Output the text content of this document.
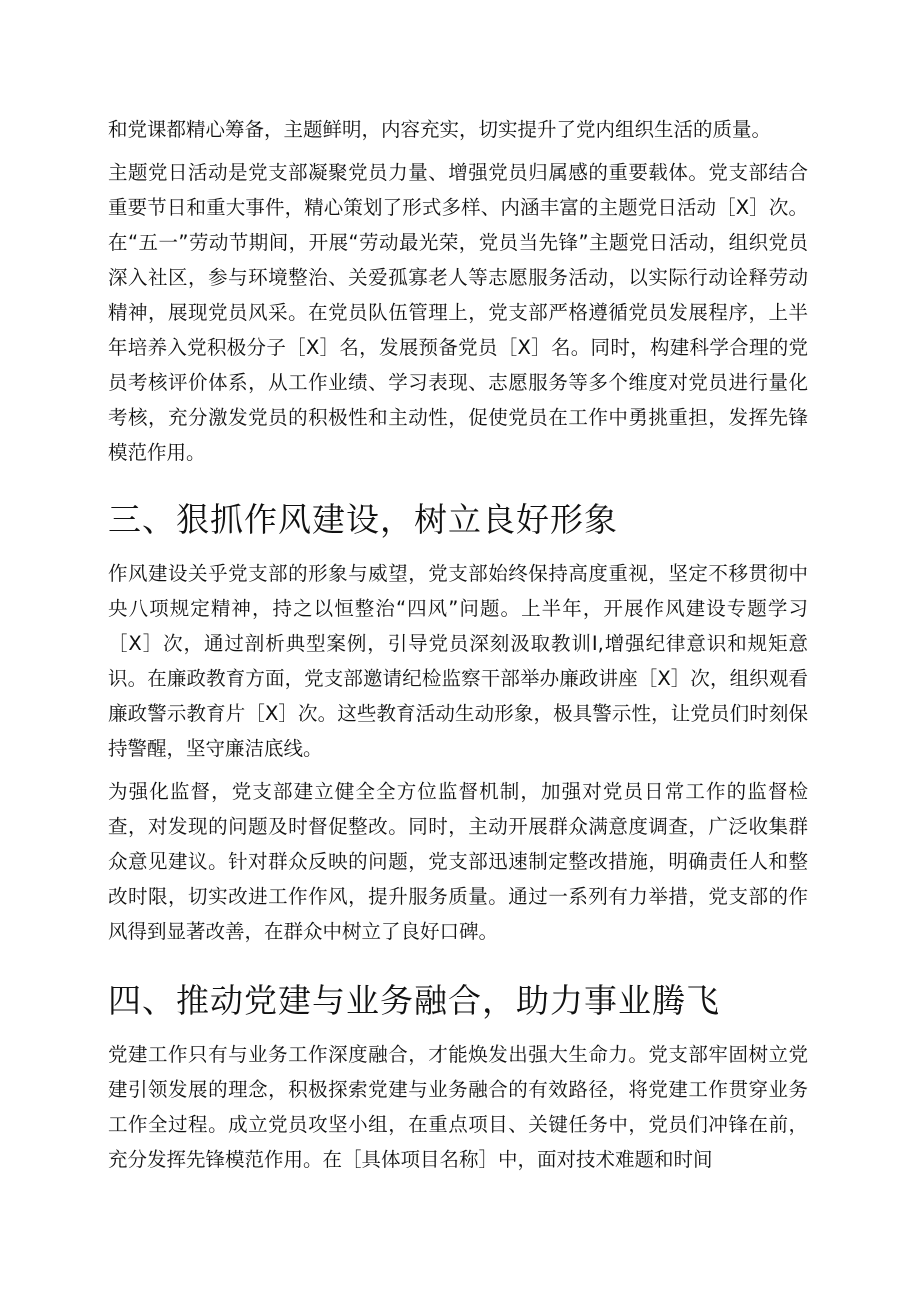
和党课都精心筹备，主题鲜明，内容充实，切实提升了党内组织生活的质量。

主题党日活动是党支部凝聚党员力量、增强党员归属感的重要载体。党支部结合重要节日和重大事件，精心策划了形式多样、内涵丰富的主题党日活动［X］次。在“五一”劳动节期间，开展“劳动最光荣，党员当先锋”主题党日活动，组织党员深入社区，参与环境整治、关爱孤寡老人等志愿服务活动，以实际行动诠释劳动精神，展现党员风采。在党员队伍管理上，党支部严格遵循党员发展程序，上半年培养入党积极分子［X］名，发展预备党员［X］名。同时，构建科学合理的党员考核评价体系，从工作业绩、学习表现、志愿服务等多个维度对党员进行量化考核，充分激发党员的积极性和主动性，促使党员在工作中勇挑重担，发挥先锋模范作用。

三、狠抓作风建设，树立良好形象

作风建设关乎党支部的形象与威望，党支部始终保持高度重视，坚定不移贯彻中央八项规定精神，持之以恒整治“四风”问题。上半年，开展作风建设专题学习［X］次，通过剖析典型案例，引导党员深刻汲取教训I,增强纪律意识和规矩意识。在廉政教育方面，党支部邀请纪检监察干部举办廉政讲座［X］次，组织观看廉政警示教育片［X］次。这些教育活动生动形象，极具警示性，让党员们时刻保持警醒，坚守廉洁底线。

为强化监督，党支部建立健全全方位监督机制，加强对党员日常工作的监督检查，对发现的问题及时督促整改。同时，主动开展群众满意度调查，广泛收集群众意见建议。针对群众反映的问题，党支部迅速制定整改措施，明确责任人和整改时限，切实改进工作作风，提升服务质量。通过一系列有力举措，党支部的作风得到显著改善，在群众中树立了良好口碑。

四、推动党建与业务融合，助力事业腾飞

党建工作只有与业务工作深度融合，才能焕发出强大生命力。党支部牢固树立党建引领发展的理念，积极探索党建与业务融合的有效路径，将党建工作贯穿业务工作全过程。成立党员攻坚小组，在重点项目、关键任务中，党员们冲锋在前，充分发挥先锋模范作用。在［具体项目名称］中，面对技术难题和时间
